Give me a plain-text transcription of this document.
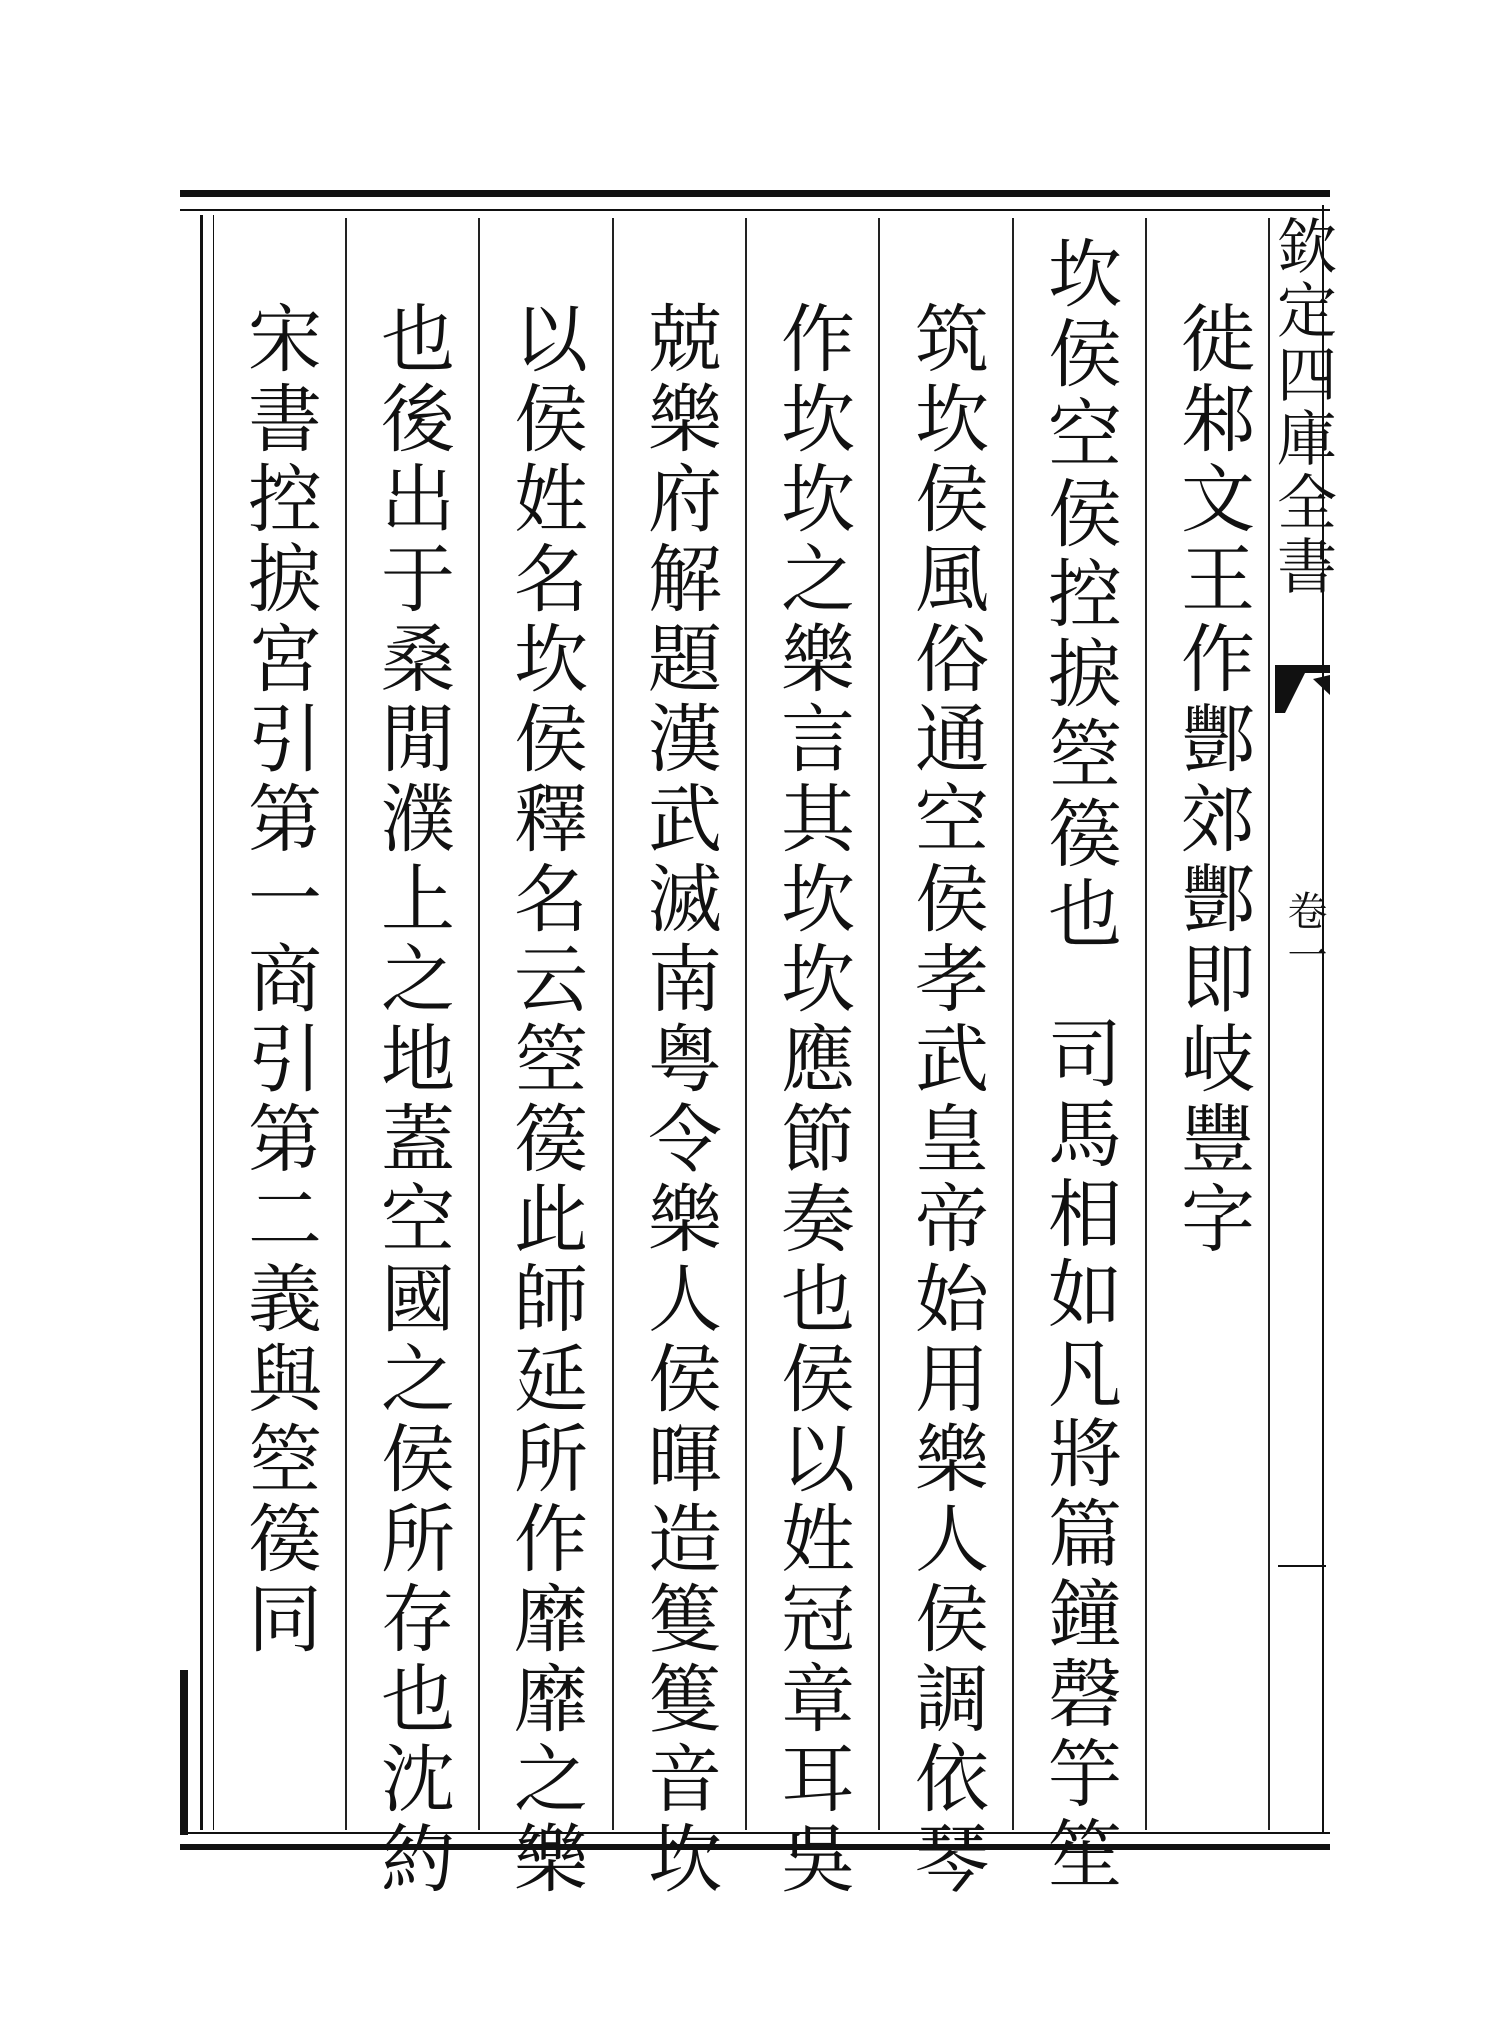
欽定四庫全書
卷一
徙邾文王作酆郊酆即岐豐字
坎侯空侯控捩箜篌也司馬相如凡將篇鐘磬竽笙
筑坎侯風俗通空侯孝武皇帝始用樂人侯調依琴
作坎坎之樂言其坎坎應節奏也侯以姓冠章耳吳
兢樂府解題漢武滅南粤令樂人侯暉造篗篗音坎
以侯姓名坎侯釋名云箜篌此師延所作靡靡之樂
也後出于桑閒濮上之地蓋空國之侯所存也沈約
宋書控捩宮引第一商引第二義與箜篌同
